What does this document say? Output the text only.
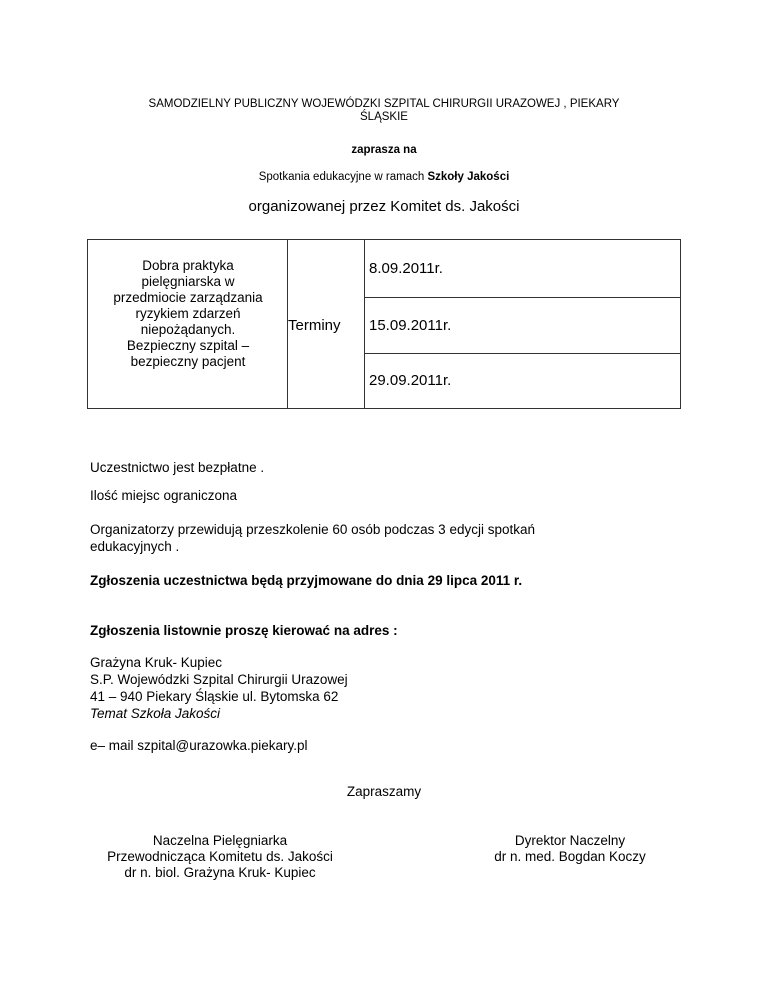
SAMODZIELNY PUBLICZNY WOJEWÓDZKI SZPITAL CHIRURGII URAZOWEJ , PIEKARY
ŚLĄSKIE
zaprasza na
Spotkania edukacyjne w ramach Szkoły Jakości
organizowanej przez Komitet ds. Jakości
Dobra praktyka
pielęgniarska w
przedmiocie zarządzania
ryzykiem zdarzeń
niepożądanych.
Bezpieczny szpital –
bezpieczny pacjent
Terminy
8.09.2011r.
15.09.2011r.
29.09.2011r.
Uczestnictwo jest bezpłatne .
Ilość miejsc ograniczona
Organizatorzy przewidują przeszkolenie 60 osób podczas 3 edycji spotkań
edukacyjnych .
Zgłoszenia uczestnictwa będą przyjmowane do dnia 29 lipca 2011 r.
Zgłoszenia listownie proszę kierować na adres :
Grażyna Kruk- Kupiec
S.P. Wojewódzki Szpital Chirurgii Urazowej
41 – 940 Piekary Śląskie ul. Bytomska 62
Temat Szkoła Jakości
e– mail szpital@urazowka.piekary.pl
Zapraszamy
Naczelna Pielęgniarka
Przewodnicząca Komitetu ds. Jakości
dr n. biol. Grażyna Kruk- Kupiec
Dyrektor Naczelny
dr n. med. Bogdan Koczy
